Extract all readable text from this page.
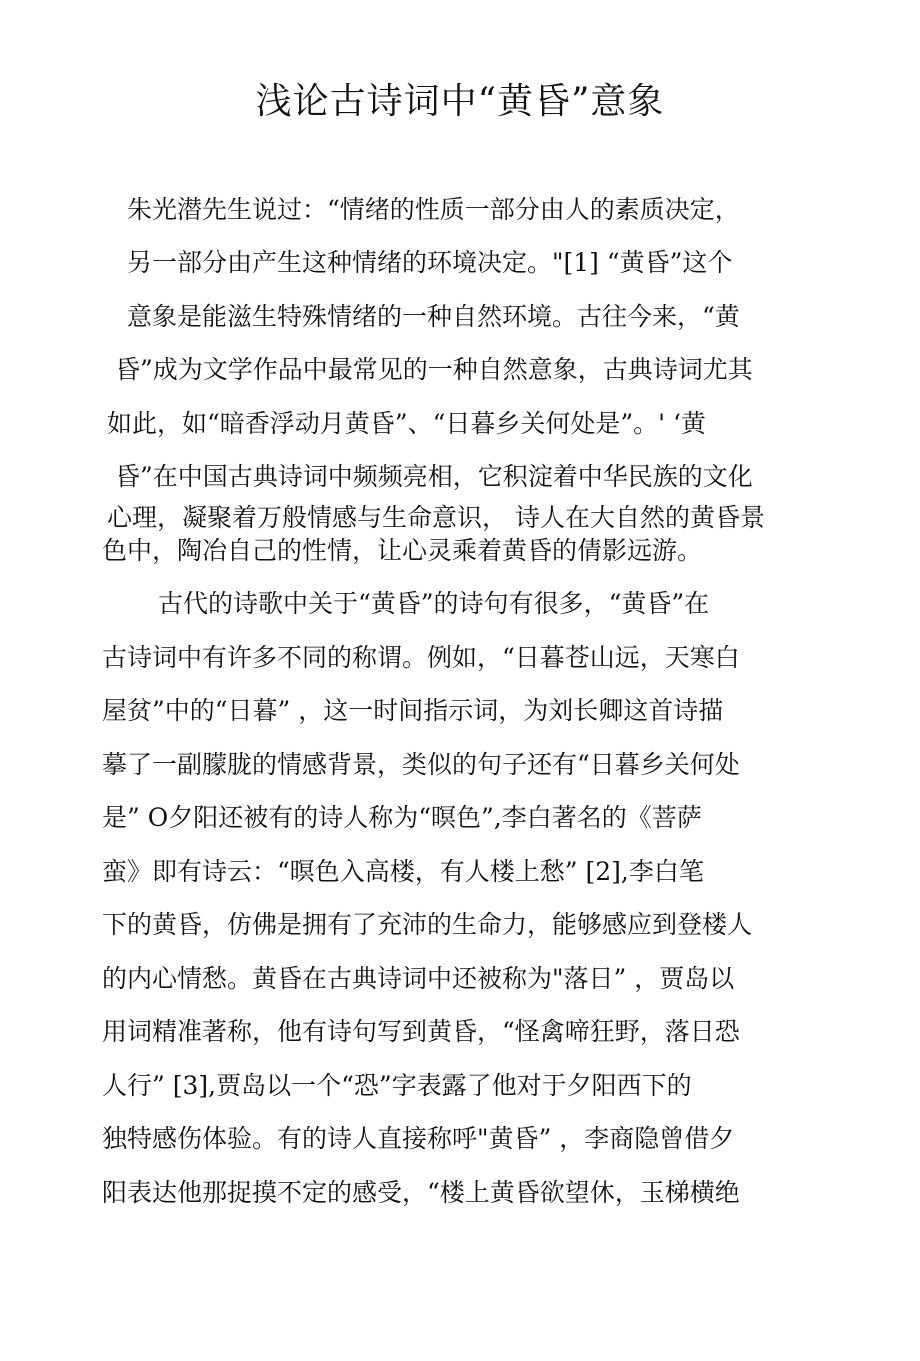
浅论古诗词中“黄昏”意象

朱光潜先生说过：“情绪的性质一部分由人的素质决定，

另一部分由产生这种情绪的环境决定。"[1] “黄昏”这个

意象是能滋生特殊情绪的一种自然环境。古往今来，“黄

昏”成为文学作品中最常见的一种自然意象，古典诗词尤其

如此，如“暗香浮动月黄昏”、“日暮乡关何处是”。' ‘黄

昏”在中国古典诗词中频频亮相，它积淀着中华民族的文化

心理，凝聚着万般情感与生命意识， 诗人在大自然的黄昏景

色中，陶冶自己的性情，让心灵乘着黄昏的倩影远游。

古代的诗歌中关于“黄昏”的诗句有很多，“黄昏”在

古诗词中有许多不同的称谓。例如，“日暮苍山远，天寒白

屋贫”中的“日暮” ，这一时间指示词，为刘长卿这首诗描

摹了一副朦胧的情感背景，类似的句子还有“日暮乡关何处

是” O夕阳还被有的诗人称为“暝色”,李白著名的《菩萨

蛮》即有诗云：“暝色入高楼，有人楼上愁” [2],李白笔

下的黄昏，仿佛是拥有了充沛的生命力，能够感应到登楼人

的内心情愁。黄昏在古典诗词中还被称为"落日” ，贾岛以

用词精准著称，他有诗句写到黄昏，“怪禽啼狂野，落日恐

人行” [3],贾岛以一个“恐”字表露了他对于夕阳西下的

独特感伤体验。有的诗人直接称呼"黄昏” ，李商隐曾借夕

阳表达他那捉摸不定的感受，“楼上黄昏欲望休，玉梯横绝
